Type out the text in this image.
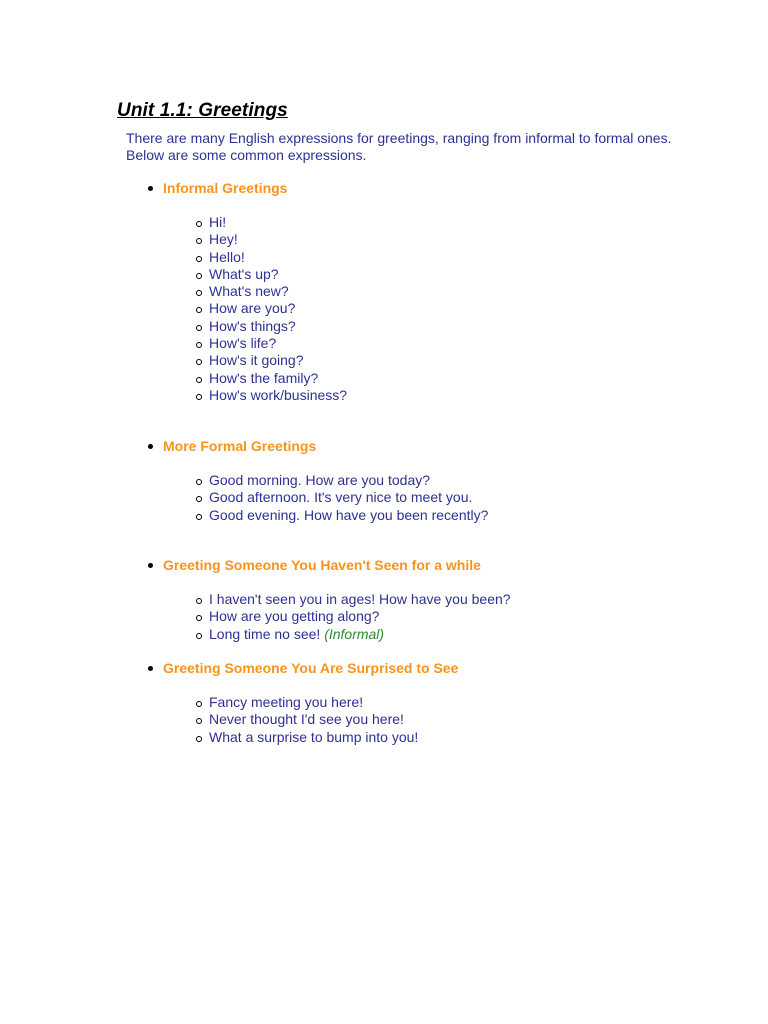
Unit 1.1: Greetings

There are many English expressions for greetings, ranging from informal to formal ones. Below are some common expressions.

Informal Greetings
Hi!
Hey!
Hello!
What's up?
What's new?
How are you?
How's things?
How's life?
How's it going?
How's the family?
How's work/business?
More Formal Greetings
Good morning. How are you today?
Good afternoon. It's very nice to meet you.
Good evening. How have you been recently?
Greeting Someone You Haven't Seen for a while
I haven't seen you in ages! How have you been?
How are you getting along?
Long time no see! (Informal)
Greeting Someone You Are Surprised to See
Fancy meeting you here!
Never thought I'd see you here!
What a surprise to bump into you!
